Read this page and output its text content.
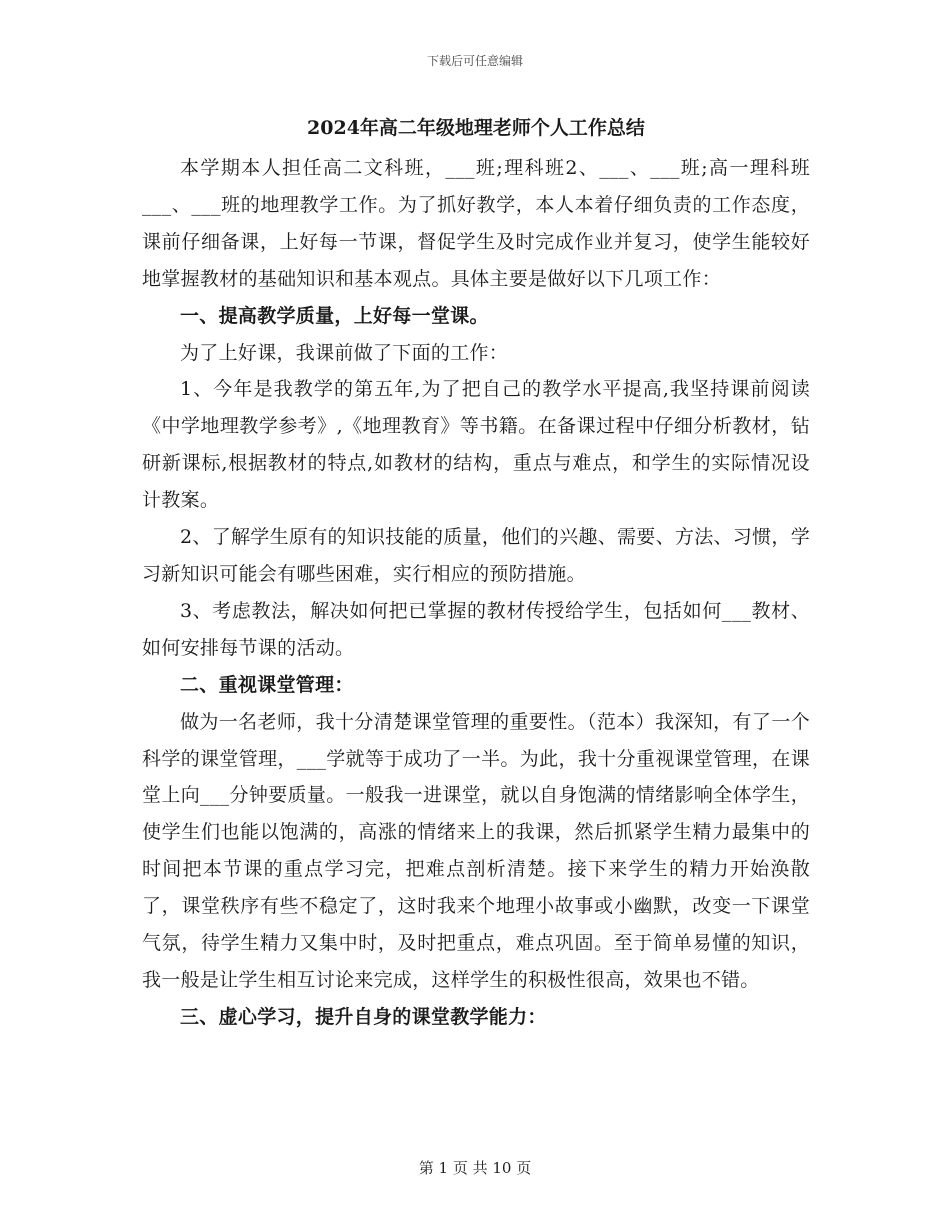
下载后可任意编辑
2024年高二年级地理老师个人工作总结

本学期本人担任高二文科班，___班;理科班2、___、___班;高一理科班___、___班的地理教学工作。为了抓好教学，本人本着仔细负责的工作态度，课前仔细备课，上好每一节课，督促学生及时完成作业并复习，使学生能较好地掌握教材的基础知识和基本观点。具体主要是做好以下几项工作：

一、提高教学质量，上好每一堂课。

为了上好课，我课前做了下面的工作：

1、今年是我教学的第五年,为了把自己的教学水平提高,我坚持课前阅读《中学地理教学参考》,《地理教育》等书籍。在备课过程中仔细分析教材，钻研新课标,根据教材的特点,如教材的结构，重点与难点，和学生的实际情况设计教案。

2、了解学生原有的知识技能的质量，他们的兴趣、需要、方法、习惯，学习新知识可能会有哪些困难，实行相应的预防措施。

3、考虑教法，解决如何把已掌握的教材传授给学生，包括如何___教材、如何安排每节课的活动。

二、重视课堂管理：

做为一名老师，我十分清楚课堂管理的重要性。（范本）我深知，有了一个科学的课堂管理，___学就等于成功了一半。为此，我十分重视课堂管理，在课堂上向___分钟要质量。一般我一进课堂，就以自身饱满的情绪影响全体学生，使学生们也能以饱满的，高涨的情绪来上的我课，然后抓紧学生精力最集中的时间把本节课的重点学习完，把难点剖析清楚。接下来学生的精力开始涣散了，课堂秩序有些不稳定了，这时我来个地理小故事或小幽默，改变一下课堂气氛，待学生精力又集中时，及时把重点，难点巩固。至于简单易懂的知识，我一般是让学生相互讨论来完成，这样学生的积极性很高，效果也不错。

三、虚心学习，提升自身的课堂教学能力：

第 1 页 共 10 页
